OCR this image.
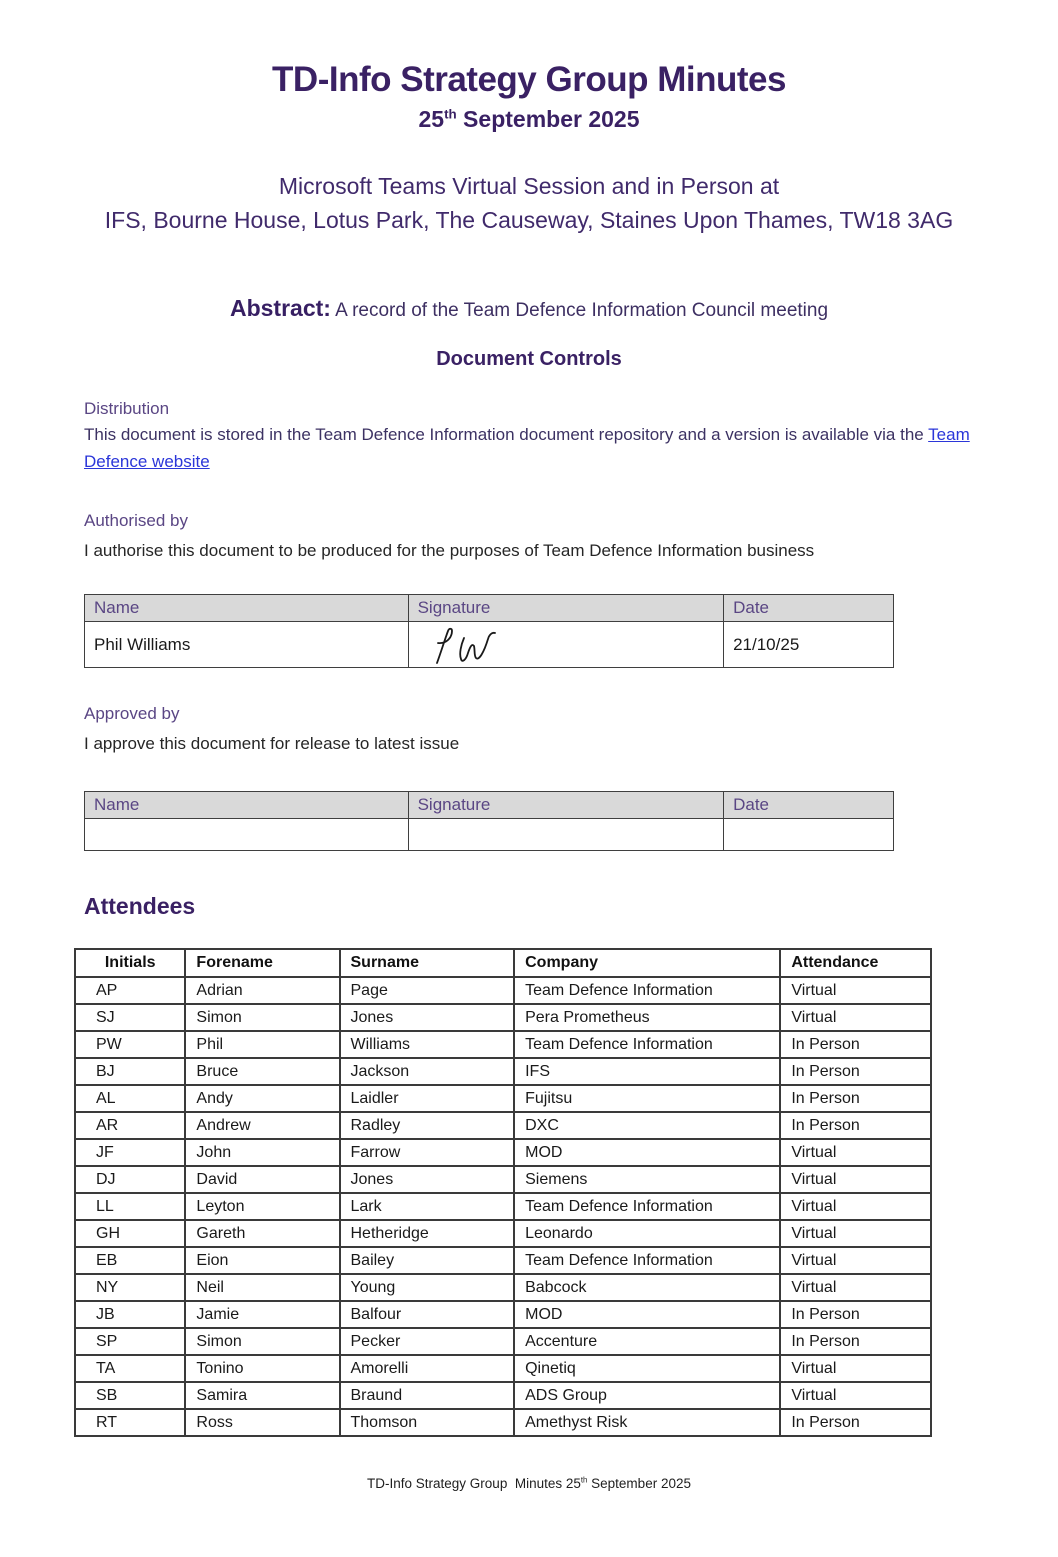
TD-Info Strategy Group Minutes
25th September 2025
Microsoft Teams Virtual Session and in Person at
IFS, Bourne House, Lotus Park, The Causeway, Staines Upon Thames, TW18 3AG
Abstract: A record of the Team Defence Information Council meeting
Document Controls
Distribution
This document is stored in the Team Defence Information document repository and a version is available via the Team Defence website
Authorised by
I authorise this document to be produced for the purposes of Team Defence Information business
Name	Signature	Date
Phil Williams		21/10/25
Approved by
I approve this document for release to latest issue
Name	Signature	Date

Attendees
Initials	Forename	Surname	Company	Attendance
AP	Adrian	Page	Team Defence Information	Virtual
SJ	Simon	Jones	Pera Prometheus	Virtual
PW	Phil	Williams	Team Defence Information	In Person
BJ	Bruce	Jackson	IFS	In Person
AL	Andy	Laidler	Fujitsu	In Person
AR	Andrew	Radley	DXC	In Person
JF	John	Farrow	MOD	Virtual
DJ	David	Jones	Siemens	Virtual
LL	Leyton	Lark	Team Defence Information	Virtual
GH	Gareth	Hetheridge	Leonardo	Virtual
EB	Eion	Bailey	Team Defence Information	Virtual
NY	Neil	Young	Babcock	Virtual
JB	Jamie	Balfour	MOD	In Person
SP	Simon	Pecker	Accenture	In Person
TA	Tonino	Amorelli	Qinetiq	Virtual
SB	Samira	Braund	ADS Group	Virtual
RT	Ross	Thomson	Amethyst Risk	In Person
TD-Info Strategy Group  Minutes 25th September 2025
